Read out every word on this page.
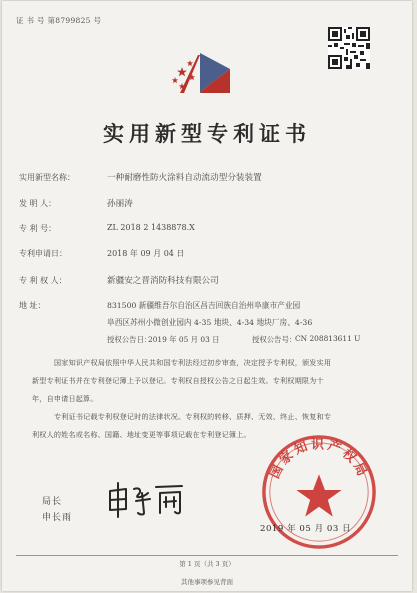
证 书 号 第8799825 号
实用新型专利证书
实用新型名称：	一种耐磨性防火涂料自动流动型分装装置
发 明 人：	孙丽涛
专 利 号：	ZL 2018 2 1438878.X
专利申请日：	2018 年 09 月 04 日
专 利 权 人：	新疆安之晋消防科技有限公司
地 址：	831500 新疆维吾尔自治区昌吉回族自治州阜康市产业园
阜西区苏州小微创业园内 4-35 地块、4-34 地块厂房、4-36
授权公告日：
2019 年 05 月 03 日	授权公告号：
CN 208813611 U
国家知识产权局依照中华人民共和国专利法经过初步审查，决定授予专利权，颁发实用
新型专利证书并在专利登记簿上予以登记。专利权自授权公告之日起生效。专利权期限为十
年，自申请日起算。
专利证书记载专利权登记时的法律状况。专利权的转移、质押、无效、终止、恢复和专
利权人的姓名或名称、国籍、地址变更等事项记载在专利登记簿上。
局长
申长雨
国家知识产权局
2019 年 05 月 03 日
第 1 页（共 3 页）
其他事项参见背面
